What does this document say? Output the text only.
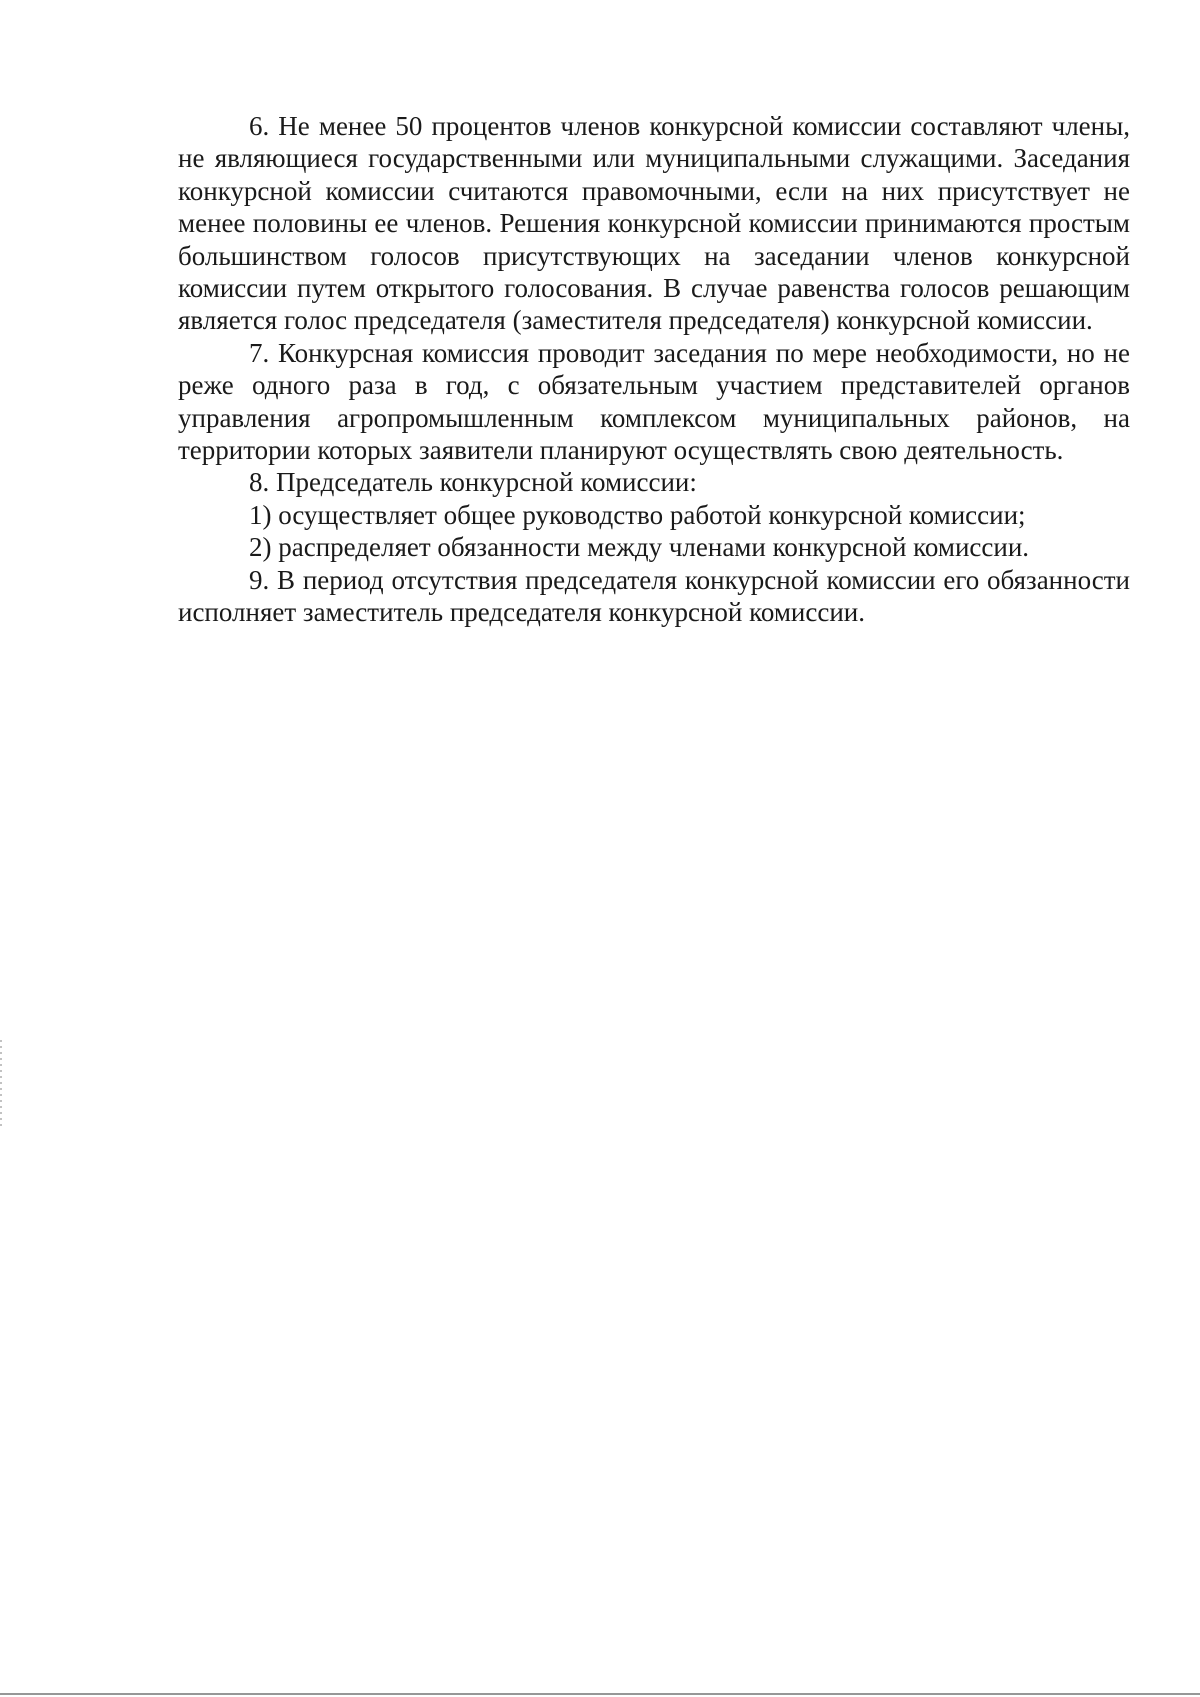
6. Не менее 50 процентов членов конкурсной комиссии составляют члены, не являющиеся государственными или муниципальными служащими. Заседания конкурсной комиссии считаются правомочными, если на них присутствует не менее половины ее членов. Решения конкурсной комиссии принимаются простым большинством голосов присутствующих на заседании членов конкурсной комиссии путем открытого голосования. В случае равенства голосов решающим является голос председателя (заместителя председателя) конкурсной комиссии.

7. Конкурсная комиссия проводит заседания по мере необходимости, но не реже одного раза в год, с обязательным участием представителей органов управления агропромышленным комплексом муниципальных районов, на территории которых заявители планируют осуществлять свою деятельность.

8. Председатель конкурсной комиссии:

1) осуществляет общее руководство работой конкурсной комиссии;

2) распределяет обязанности между членами конкурсной комиссии.

9. В период отсутствия председателя конкурсной комиссии его обязанности исполняет заместитель председателя конкурсной комиссии.
